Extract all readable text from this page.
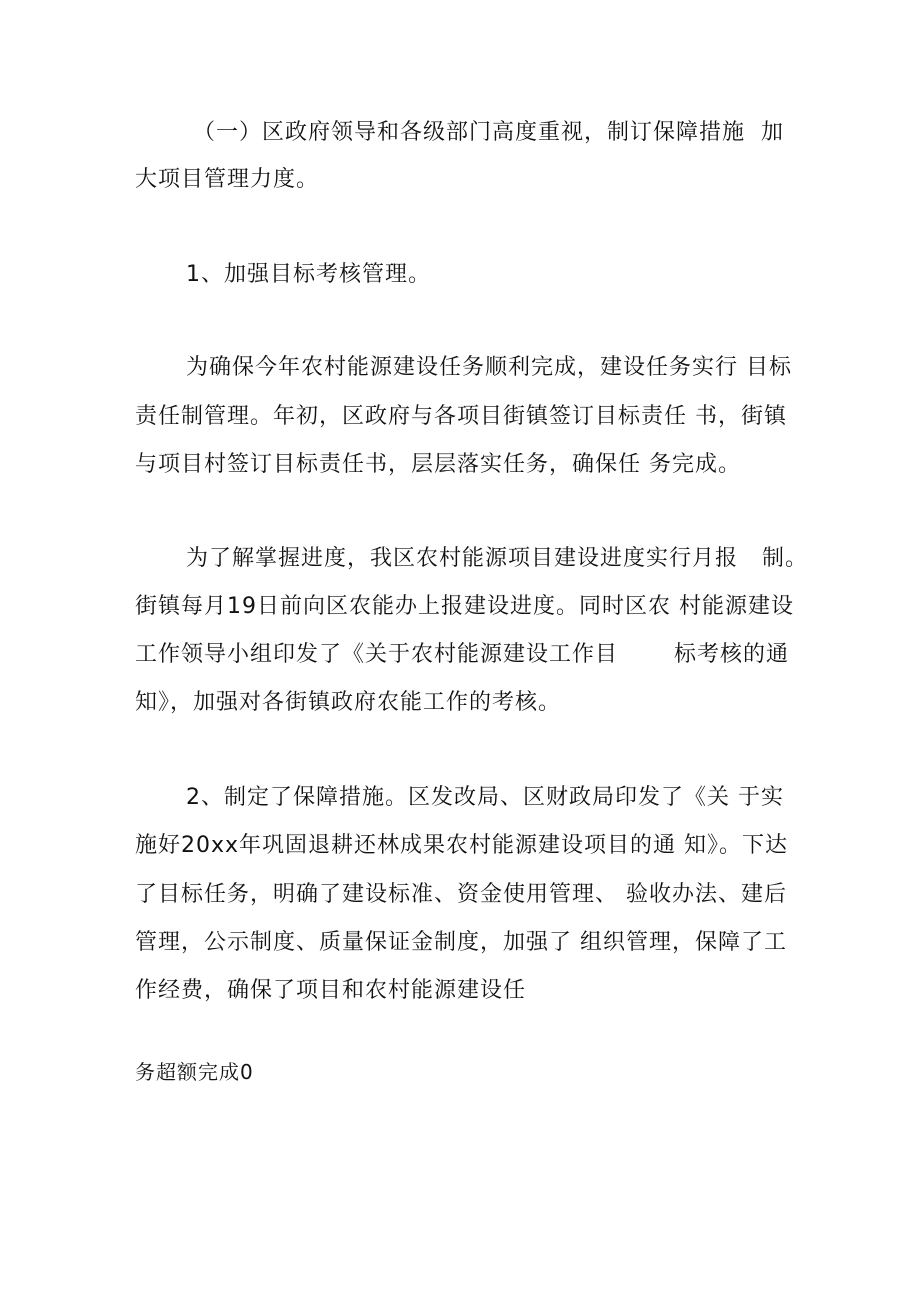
（一）区政府领导和各级部门高度重视，制订保障措施  加
大项目管理力度。
1、加强目标考核管理。
为确保今年农村能源建设任务顺利完成，建设任务实行 目标
责任制管理。年初，区政府与各项目街镇签订目标责任 书，街镇
与项目村签订目标责任书，层层落实任务，确保任 务完成。
为了解掌握进度，我区农村能源项目建设进度实行月报   制。
街镇每月19日前向区农能办上报建设进度。同时区农 村能源建设
工作领导小组印发了《关于农村能源建设工作目       标考核的通
知》，加强对各街镇政府农能工作的考核。
2、制定了保障措施。区发改局、区财政局印发了《关 于实
施好20xx年巩固退耕还林成果农村能源建设项目的通 知》。下达
了目标任务，明确了建设标准、资金使用管理、 验收办法、建后
管理，公示制度、质量保证金制度，加强了 组织管理，保障了工
作经费，确保了项目和农村能源建设任
务超额完成0
